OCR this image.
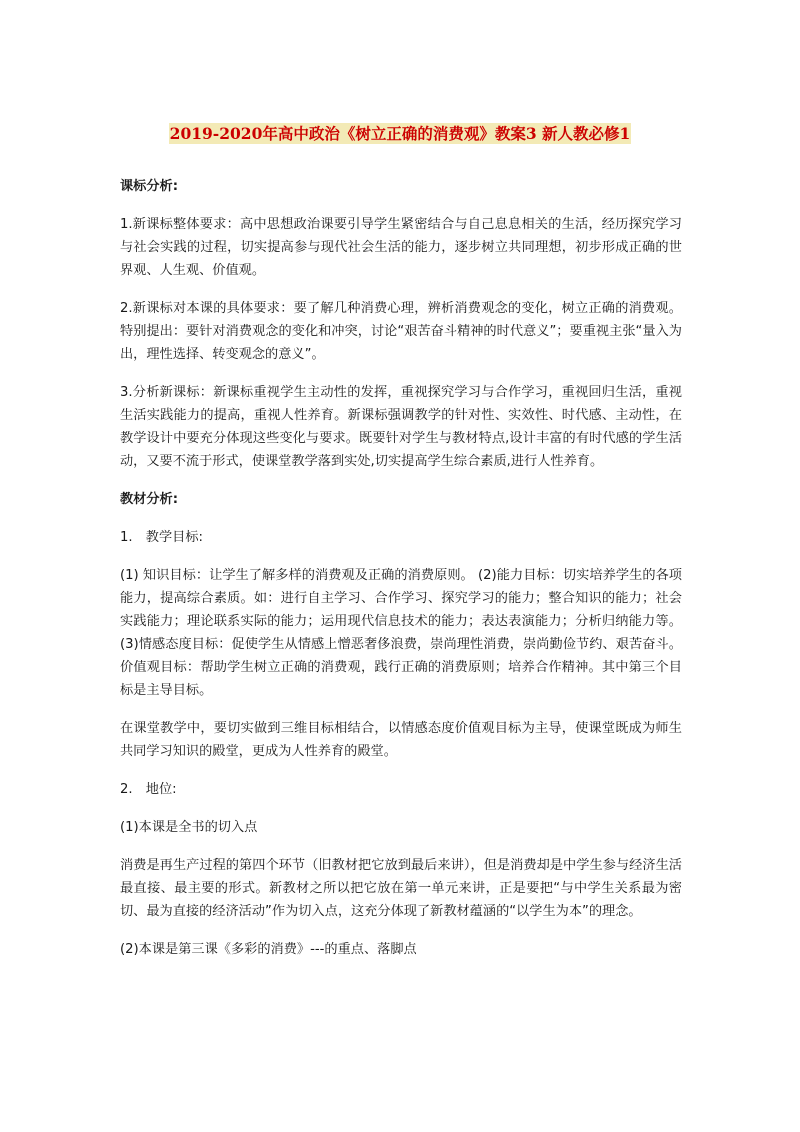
2019-2020年高中政治《树立正确的消费观》教案3 新人教必修1

课标分析:

1.新课标整体要求：高中思想政治课要引导学生紧密结合与自己息息相关的生活，经历探究学习与社会实践的过程，切实提高参与现代社会生活的能力，逐步树立共同理想，初步形成正确的世界观、人生观、价值观。

2.新课标对本课的具体要求：要了解几种消费心理，辨析消费观念的变化，树立正确的消费观。特别提出：要针对消费观念的变化和冲突，讨论“艰苦奋斗精神的时代意义”；要重视主张“量入为出，理性选择、转变观念的意义”。

3.分析新课标：新课标重视学生主动性的发挥，重视探究学习与合作学习，重视回归生活，重视生活实践能力的提高，重视人性养育。新课标强调教学的针对性、实效性、时代感、主动性，在教学设计中要充分体现这些变化与要求。既要针对学生与教材特点,设计丰富的有时代感的学生活动，又要不流于形式，使课堂教学落到实处,切实提高学生综合素质,进行人性养育。

教材分析:

1.　教学目标:

(1) 知识目标：让学生了解多样的消费观及正确的消费原则。 (2)能力目标：切实培养学生的各项能力，提高综合素质。如：进行自主学习、合作学习、探究学习的能力；整合知识的能力；社会实践能力；理论联系实际的能力；运用现代信息技术的能力；表达表演能力；分析归纳能力等。(3)情感态度目标：促使学生从情感上憎恶奢侈浪费，崇尚理性消费，崇尚勤俭节约、艰苦奋斗。价值观目标：帮助学生树立正确的消费观，践行正确的消费原则；培养合作精神。其中第三个目标是主导目标。

在课堂教学中，要切实做到三维目标相结合，以情感态度价值观目标为主导，使课堂既成为师生共同学习知识的殿堂，更成为人性养育的殿堂。

2.　地位:

(1)本课是全书的切入点

消费是再生产过程的第四个环节（旧教材把它放到最后来讲），但是消费却是中学生参与经济生活最直接、最主要的形式。新教材之所以把它放在第一单元来讲，正是要把“与中学生关系最为密切、最为直接的经济活动”作为切入点，这充分体现了新教材蕴涵的“以学生为本”的理念。

(2)本课是第三课《多彩的消费》---的重点、落脚点
